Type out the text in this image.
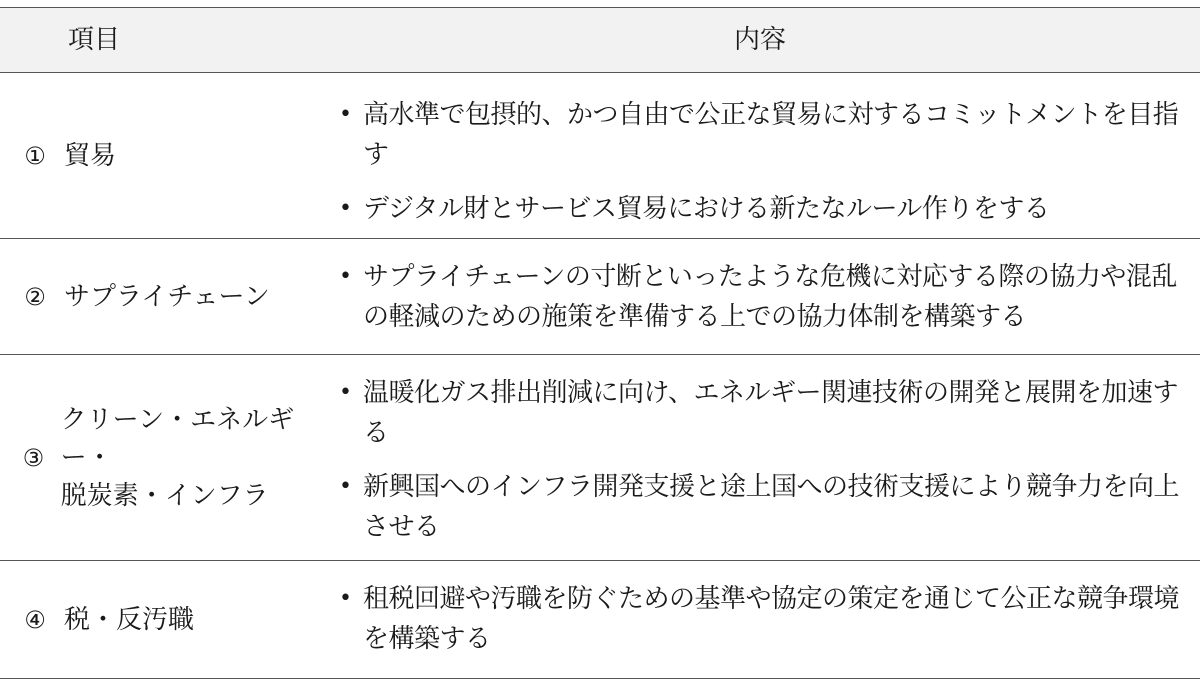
項目	内容
① 貿易
• 高水準で包摂的、かつ自由で公正な貿易に対するコミットメントを目指す
• デジタル財とサービス貿易における新たなルール作りをする
② サプライチェーン
• サプライチェーンの寸断といったような危機に対応する際の協力や混乱の軽減のための施策を準備する上での協力体制を構築する
③
クリーン・エネルギー・
脱炭素・インフラ
• 温暖化ガス排出削減に向け、エネルギー関連技術の開発と展開を加速する
• 新興国へのインフラ開発支援と途上国への技術支援により競争力を向上させる
④ 税・反汚職
• 租税回避や汚職を防ぐための基準や協定の策定を通じて公正な競争環境を構築する
